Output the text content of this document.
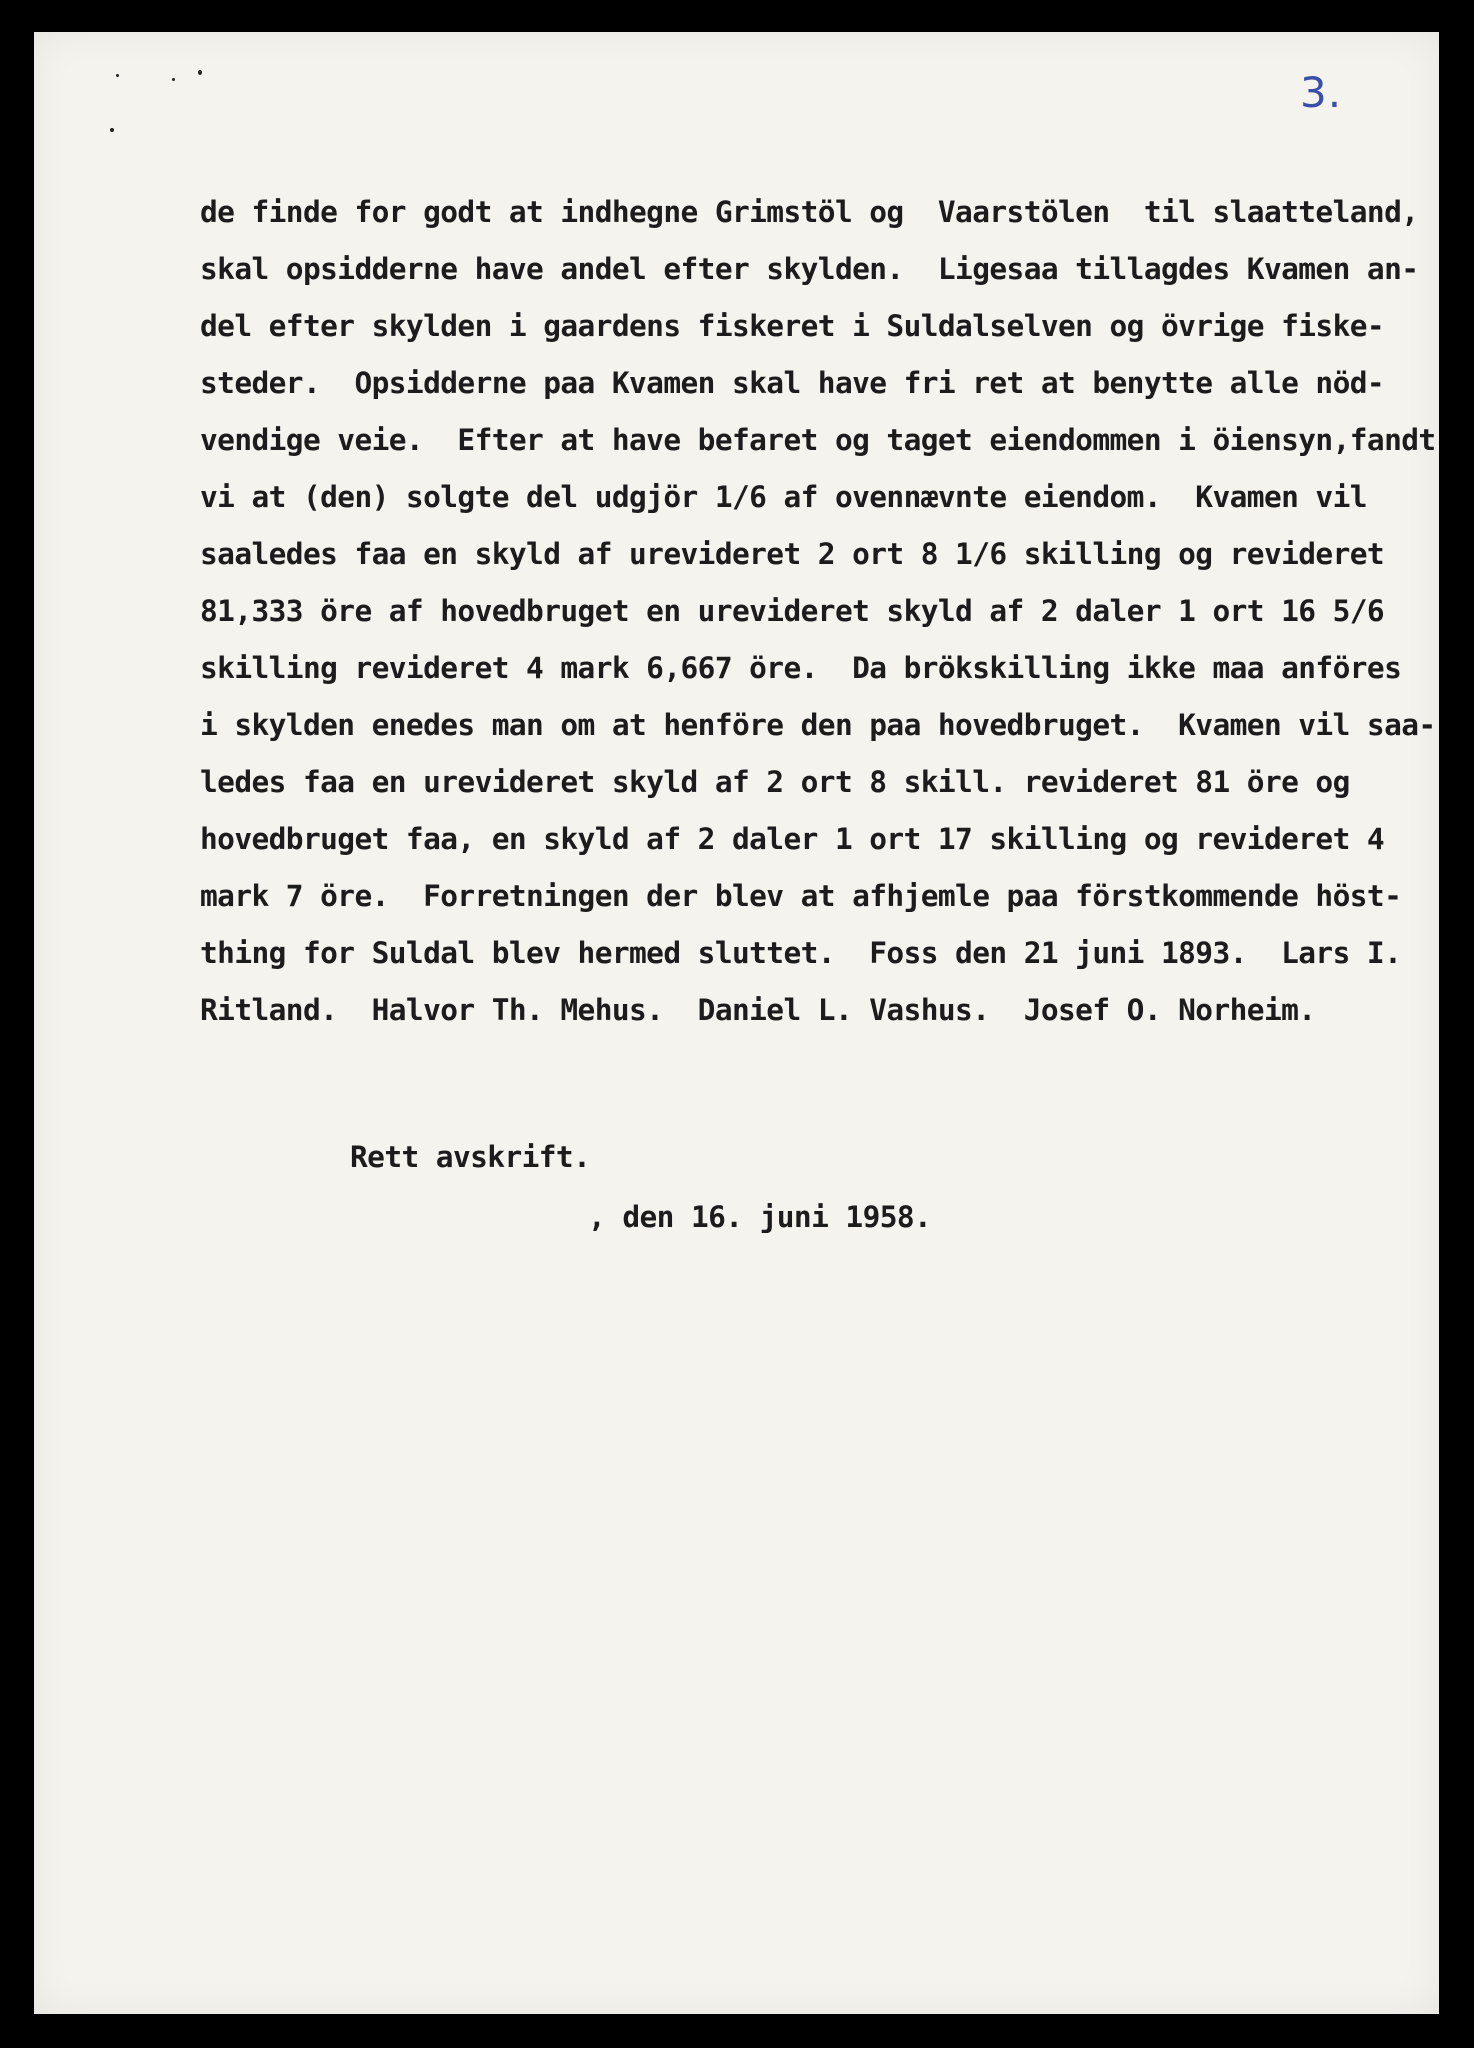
3.
de finde for godt at indhegne Grimstöl og  Vaarstölen  til slaatteland,
skal opsidderne have andel efter skylden.  Ligesaa tillagdes Kvamen an-
del efter skylden i gaardens fiskeret i Suldalselven og övrige fiske-
steder.  Opsidderne paa Kvamen skal have fri ret at benytte alle nöd-
vendige veie.  Efter at have befaret og taget eiendommen i öiensyn,fandt
vi at (den) solgte del udgjör 1/6 af ovennævnte eiendom.  Kvamen vil
saaledes faa en skyld af urevideret 2 ort 8 1/6 skilling og revideret
81,333 öre af hovedbruget en urevideret skyld af 2 daler 1 ort 16 5/6
skilling revideret 4 mark 6,667 öre.  Da brökskilling ikke maa anföres
i skylden enedes man om at henföre den paa hovedbruget.  Kvamen vil saa-
ledes faa en urevideret skyld af 2 ort 8 skill. revideret 81 öre og
hovedbruget faa, en skyld af 2 daler 1 ort 17 skilling og revideret 4
mark 7 öre.  Forretningen der blev at afhjemle paa förstkommende höst-
thing for Suldal blev hermed sluttet.  Foss den 21 juni 1893.  Lars I.
Ritland.  Halvor Th. Mehus.  Daniel L. Vashus.  Josef O. Norheim.
Rett avskrift.
, den 16. juni 1958.
